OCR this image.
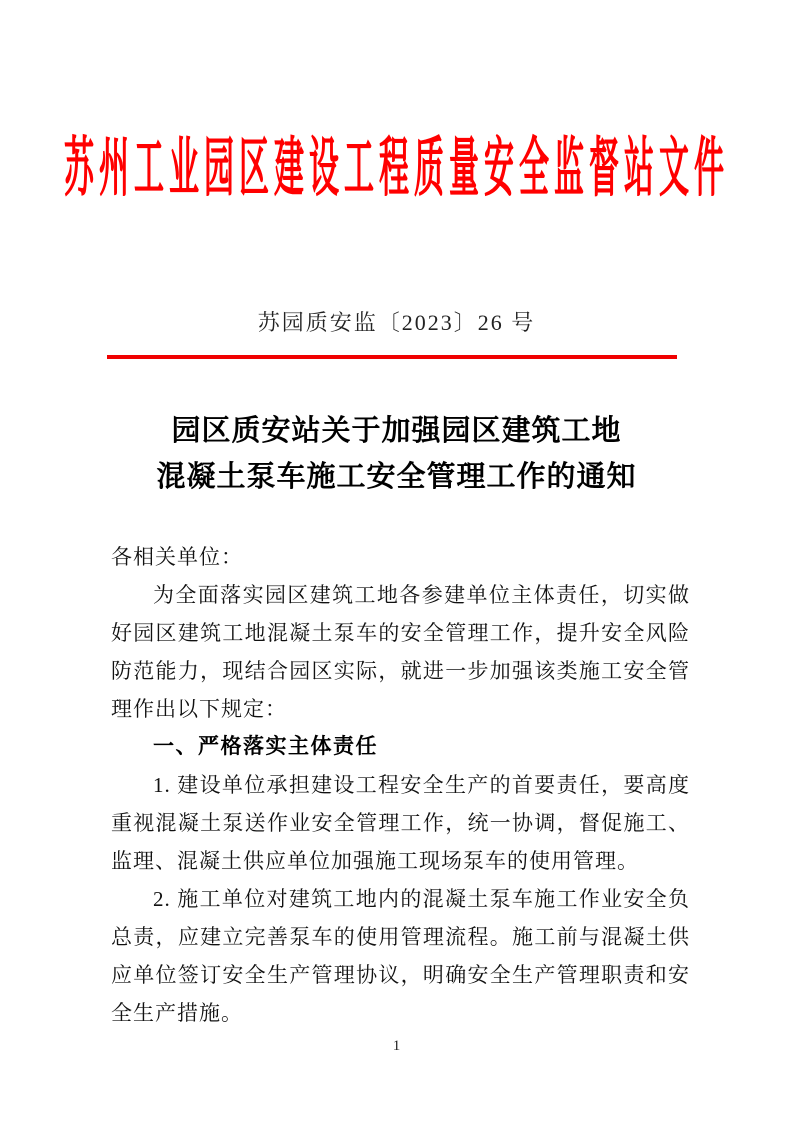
苏州工业园区建设工程质量安全监督站文件
苏园质安监〔2023〕26 号
园区质安站关于加强园区建筑工地
混凝土泵车施工安全管理工作的通知

各相关单位：

为全面落实园区建筑工地各参建单位主体责任，切实做好园区建筑工地混凝土泵车的安全管理工作，提升安全风险防范能力，现结合园区实际，就进一步加强该类施工安全管理作出以下规定：

一、严格落实主体责任

1. 建设单位承担建设工程安全生产的首要责任，要高度重视混凝土泵送作业安全管理工作，统一协调，督促施工、监理、混凝土供应单位加强施工现场泵车的使用管理。

2. 施工单位对建筑工地内的混凝土泵车施工作业安全负总责，应建立完善泵车的使用管理流程。施工前与混凝土供应单位签订安全生产管理协议，明确安全生产管理职责和安全生产措施。

1
